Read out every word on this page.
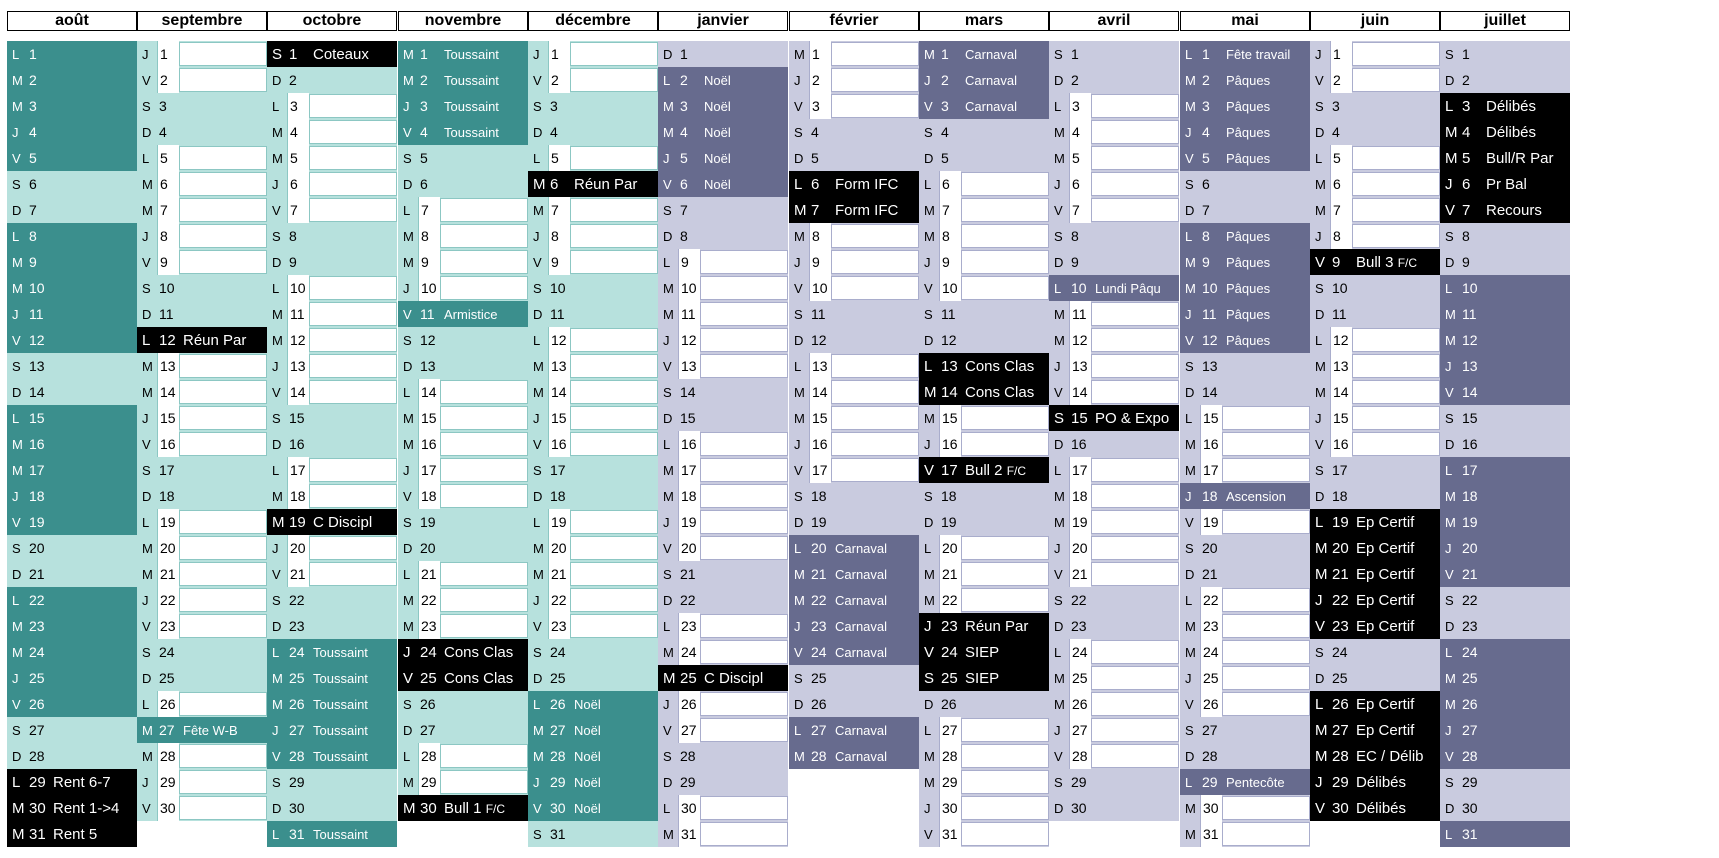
août
L 1
M 2
M 3
J 4
V 5
S 6
D 7
L 8
M 9
M 10
J 11
V 12
S 13
D 14
L 15
M 16
M 17
J 18
V 19
S 20
D 21
L 22
M 23
M 24
J 25
V 26
S 27
D 28
L 29 Rent 6-7
M 30 Rent 1->4
M 31 Rent 5
septembre
J 1
V 2
S 3
D 4
L 5
M 6
M 7
J 8
V 9
S 10
D 11
L 12 Réun Par
M 13
M 14
J 15
V 16
S 17
D 18
L 19
M 20
M 21
J 22
V 23
S 24
D 25
L 26
M 27 Fête W-B
M 28
J 29
V 30
octobre
S 1	Coteaux
D 2
L 3
M 4
M 5
J 6
V 7
S 8
D 9
L 10
M 11
M 12
J 13
V 14
S 15
D 16
L 17
M 18
M 19 C Discipl
J 20
V 21
S 22
D 23
L 24 Toussaint
M 25 Toussaint
M 26 Toussaint
J 27 Toussaint
V 28 Toussaint
S 29
D 30
L 31 Toussaint
novembre
M 1	Toussaint
M 2	Toussaint
J 3	Toussaint
V 4	Toussaint
S 5
D 6
L 7
M 8
M 9
J 10
V 11 Armistice
S 12
D 13
L 14
M 15
M 16
J 17
V 18
S 19
D 20
L 21
M 22
M 23
J 24 Cons Clas
V 25 Cons Clas
S 26
D 27
L 28
M 29
M 30 Bull 1 F/C
décembre
J 1
V 2
S 3
D 4
L 5
M 6	Réun Par
M 7
J 8
V 9
S 10
D 11
L 12
M 13
M 14
J 15
V 16
S 17
D 18
L 19
M 20
M 21
J 22
V 23
S 24
D 25
L 26 Noël
M 27 Noël
M 28 Noël
J 29 Noël
V 30 Noël
S 31
janvier
D 1
L 2	Noël
M 3	Noël
M 4	Noël
J 5	Noël
V 6	Noël
S 7
D 8
L 9
M 10
M 11
J 12
V 13
S 14
D 15
L 16
M 17
M 18
J 19
V 20
S 21
D 22
L 23
M 24
M 25 C Discipl
J 26
V 27
S 28
D 29
L 30
M 31
février
M 1
J 2
V 3
S 4
D 5
L 6	Form IFC
M 7	Form IFC
M 8
J 9
V 10
S 11
D 12
L 13
M 14
M 15
J 16
V 17
S 18
D 19
L 20 Carnaval
M 21 Carnaval
M 22 Carnaval
J 23 Carnaval
V 24 Carnaval
S 25
D 26
L 27 Carnaval
M 28 Carnaval
mars
M 1	Carnaval
J 2	Carnaval
V 3	Carnaval
S 4
D 5
L 6
M 7
M 8
J 9
V 10
S 11
D 12
L 13 Cons Clas
M 14 Cons Clas
M 15
J 16
V 17 Bull 2 F/C
S 18
D 19
L 20
M 21
M 22
J 23 Réun Par
V 24 SIEP
S 25 SIEP
D 26
L 27
M 28
M 29
J 30
V 31
avril
S 1
D 2
L 3
M 4
M 5
J 6
V 7
S 8
D 9
L 10 Lundi Pâqu
M 11
M 12
J 13
V 14
S 15 PO & Expo
D 16
L 17
M 18
M 19
J 20
V 21
S 22
D 23
L 24
M 25
M 26
J 27
V 28
S 29
D 30
mai
L 1	Fête travail
M 2	Pâques
M 3	Pâques
J 4	Pâques
V 5	Pâques
S 6
D 7
L 8	Pâques
M 9	Pâques
M 10 Pâques
J 11 Pâques
V 12 Pâques
S 13
D 14
L 15
M 16
M 17
J 18 Ascension
V 19
S 20
D 21
L 22
M 23
M 24
J 25
V 26
S 27
D 28
L 29 Pentecôte
M 30
M 31
juin
J 1
V 2
S 3
D 4
L 5
M 6
M 7
J 8
V 9	Bull 3 F/C
S 10
D 11
L 12
M 13
M 14
J 15
V 16
S 17
D 18
L 19 Ep Certif
M 20 Ep Certif
M 21 Ep Certif
J 22 Ep Certif
V 23 Ep Certif
S 24
D 25
L 26 Ep Certif
M 27 Ep Certif
M 28 EC / Délib
J 29 Délibés
V 30 Délibés
juillet
S 1
D 2
L 3	Délibés
M 4	Délibés
M 5	Bull/R Par
J 6	Pr Bal
V 7	Recours
S 8
D 9
L 10
M 11
M 12
J 13
V 14
S 15
D 16
L 17
M 18
M 19
J 20
V 21
S 22
D 23
L 24
M 25
M 26
J 27
V 28
S 29
D 30
L 31
